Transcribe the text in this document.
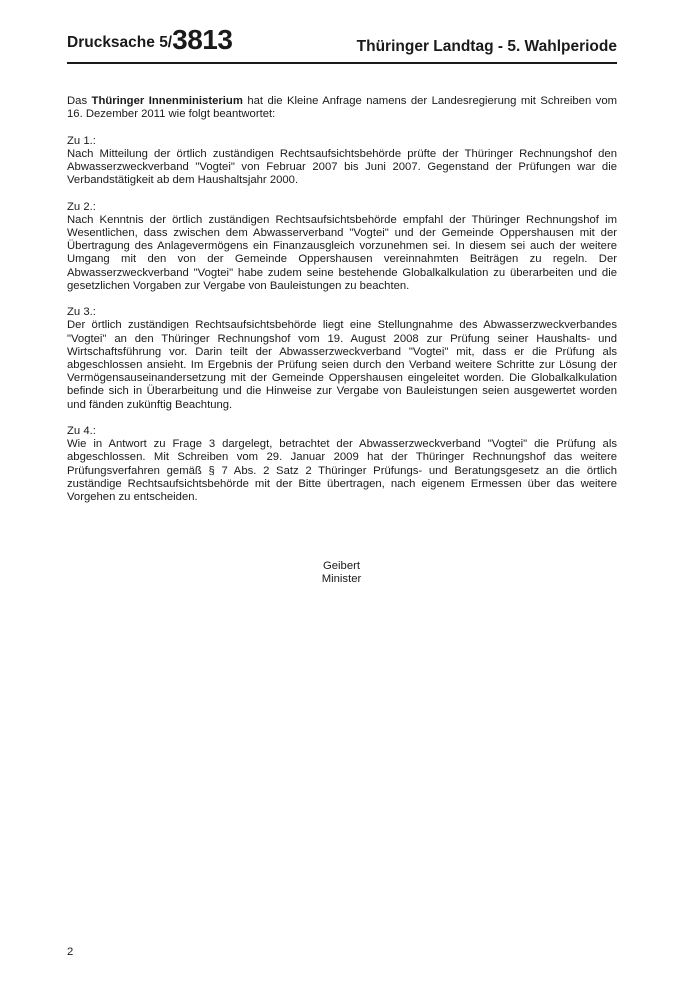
Drucksache 5/3813	Thüringer Landtag - 5. Wahlperiode

Das Thüringer Innenministerium hat die Kleine Anfrage namens der Landesregierung mit Schreiben vom 16. Dezember 2011 wie folgt beantwortet:

Zu 1.:
Nach Mitteilung der örtlich zuständigen Rechtsaufsichtsbehörde prüfte der Thüringer Rechnungshof den Abwasserzweckverband "Vogtei" von Februar 2007 bis Juni 2007. Gegenstand der Prüfungen war die Verbandstätigkeit ab dem Haushaltsjahr 2000.

Zu 2.:
Nach Kenntnis der örtlich zuständigen Rechtsaufsichtsbehörde empfahl der Thüringer Rechnungshof im Wesentlichen, dass zwischen dem Abwasserverband "Vogtei" und der Gemeinde Oppershausen mit der Übertragung des Anlagevermögens ein Finanzausgleich vorzunehmen sei. In diesem sei auch der weitere Umgang mit den von der Gemeinde Oppershausen vereinnahmten Beiträgen zu regeln. Der Abwasserzweckverband "Vogtei" habe zudem seine bestehende Globalkalkulation zu überarbeiten und die gesetzlichen Vorgaben zur Vergabe von Bauleistungen zu beachten.

Zu 3.:
Der örtlich zuständigen Rechtsaufsichtsbehörde liegt eine Stellungnahme des Abwasserzweckverbandes "Vogtei" an den Thüringer Rechnungshof vom 19. August 2008 zur Prüfung seiner Haushalts- und Wirtschaftsführung vor. Darin teilt der Abwasserzweckverband "Vogtei" mit, dass er die Prüfung als abgeschlossen ansieht. Im Ergebnis der Prüfung seien durch den Verband weitere Schritte zur Lösung der Vermögensauseinandersetzung mit der Gemeinde Oppershausen eingeleitet worden. Die Globalkalkulation befinde sich in Überarbeitung und die Hinweise zur Vergabe von Bauleistungen seien ausgewertet worden und fänden zukünftig Beachtung.

Zu 4.:
Wie in Antwort zu Frage 3 dargelegt, betrachtet der Abwasserzweckverband "Vogtei" die Prüfung als abgeschlossen. Mit Schreiben vom 29. Januar 2009 hat der Thüringer Rechnungshof das weitere Prüfungsverfahren gemäß § 7 Abs. 2 Satz 2 Thüringer Prüfungs- und Beratungsgesetz an die örtlich zuständige Rechtsaufsichtsbehörde mit der Bitte übertragen, nach eigenem Ermessen über das weitere Vorgehen zu entscheiden.

Geibert
Minister
2
